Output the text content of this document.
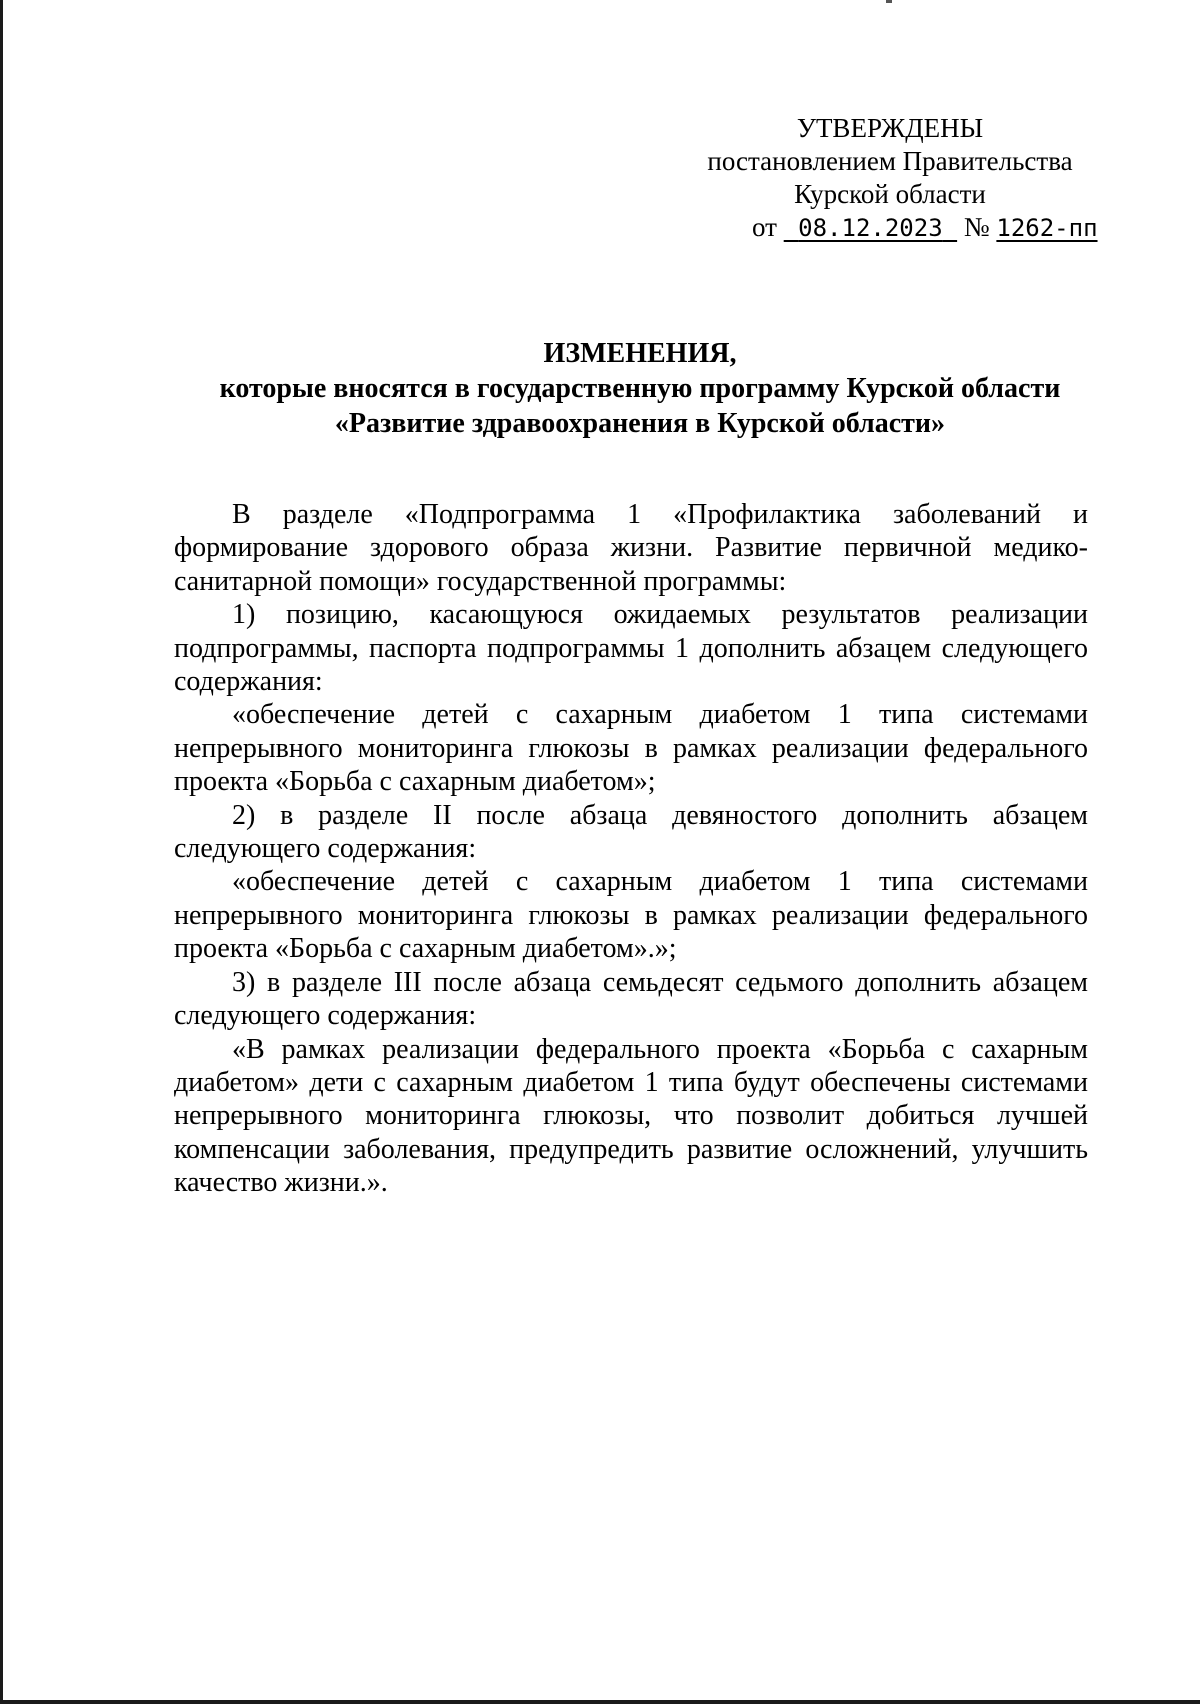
УТВЕРЖДЕНЫ
постановлением Правительства
Курской области
от 08.12.2023 № 1262-пп
ИЗМЕНЕНИЯ,
которые вносятся в государственную программу Курской области
«Развитие здравоохранения в Курской области»

В разделе «Подпрограмма 1 «Профилактика заболеваний и формирование здорового образа жизни. Развитие первичной медико-санитарной помощи» государственной программы:

1) позицию, касающуюся ожидаемых результатов реализации подпрограммы, паспорта подпрограммы 1 дополнить абзацем следующего содержания:

«обеспечение детей с сахарным диабетом 1 типа системами непрерывного мониторинга глюкозы в рамках реализации федерального проекта «Борьба с сахарным диабетом»;

2) в разделе II после абзаца девяностого дополнить абзацем следующего содержания:

«обеспечение детей с сахарным диабетом 1 типа системами непрерывного мониторинга глюкозы в рамках реализации федерального проекта «Борьба с сахарным диабетом».»;

3) в разделе III после абзаца семьдесят седьмого дополнить абзацем следующего содержания:

«В рамках реализации федерального проекта «Борьба с сахарным диабетом» дети с сахарным диабетом 1 типа будут обеспечены системами непрерывного мониторинга глюкозы, что позволит добиться лучшей компенсации заболевания, предупредить развитие осложнений, улучшить качество жизни.».
